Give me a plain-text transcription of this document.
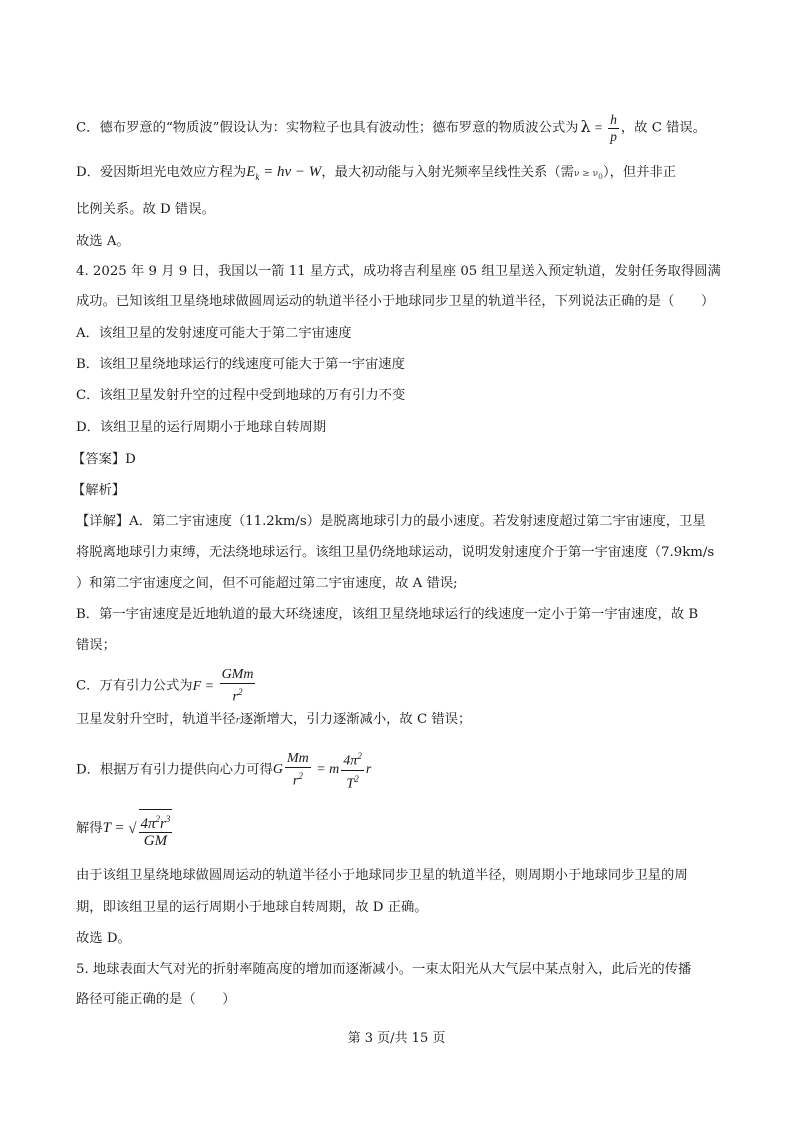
C．德布罗意的“物质波”假设认为：实物粒子也具有波动性；德布罗意的物质波公式为 $\lambda = \frac{h}{p}$ ，故 C 错误。
D．爱因斯坦光电效应方程为$E_k = h\nu - W$，最大初动能与入射光频率呈线性关系（需$\nu \ge \nu_0$），但并非正
比例关系。故 D 错误。
故选 A。
4. 2025 年 9 月 9 日，我国以一箭 11 星方式，成功将吉利星座 05 组卫星送入预定轨道，发射任务取得圆满
成功。已知该组卫星绕地球做圆周运动的轨道半径小于地球同步卫星的轨道半径，下列说法正确的是（　　）
A．该组卫星的发射速度可能大于第二宇宙速度
B．该组卫星绕地球运行的线速度可能大于第一宇宙速度
C．该组卫星发射升空的过程中受到地球的万有引力不变
D．该组卫星的运行周期小于地球自转周期
【答案】D
【解析】
【详解】A．第二宇宙速度（11.2km/s）是脱离地球引力的最小速度。若发射速度超过第二宇宙速度，卫星
将脱离地球引力束缚，无法绕地球运行。该组卫星仍绕地球运动，说明发射速度介于第一宇宙速度（7.9km/s
）和第二宇宙速度之间，但不可能超过第二宇宙速度，故 A 错误;
B．第一宇宙速度是近地轨道的最大环绕速度，该组卫星绕地球运行的线速度一定小于第一宇宙速度，故 B
错误；
C．万有引力公式为$F = \frac{\text{GMm}}{r^2}$
卫星发射升空时，轨道半径r逐渐增大，引力逐渐减小，故 C 错误；
D．根据万有引力提供向心力可得G $\frac{Mm}{r^2} = m \frac{4\pi^2}{T^2}$ r
解得T = √ $\frac{4\pi^2r^3}{GM}$
由于该组卫星绕地球做圆周运动的轨道半径小于地球同步卫星的轨道半径，则周期小于地球同步卫星的周
期，即该组卫星的运行周期小于地球自转周期，故 D 正确。
故选 D。
5. 地球表面大气对光的折射率随高度的增加而逐渐减小。一束太阳光从大气层中某点射入，此后光的传播
路径可能正确的是（　　）
第 3 页/共 15 页
